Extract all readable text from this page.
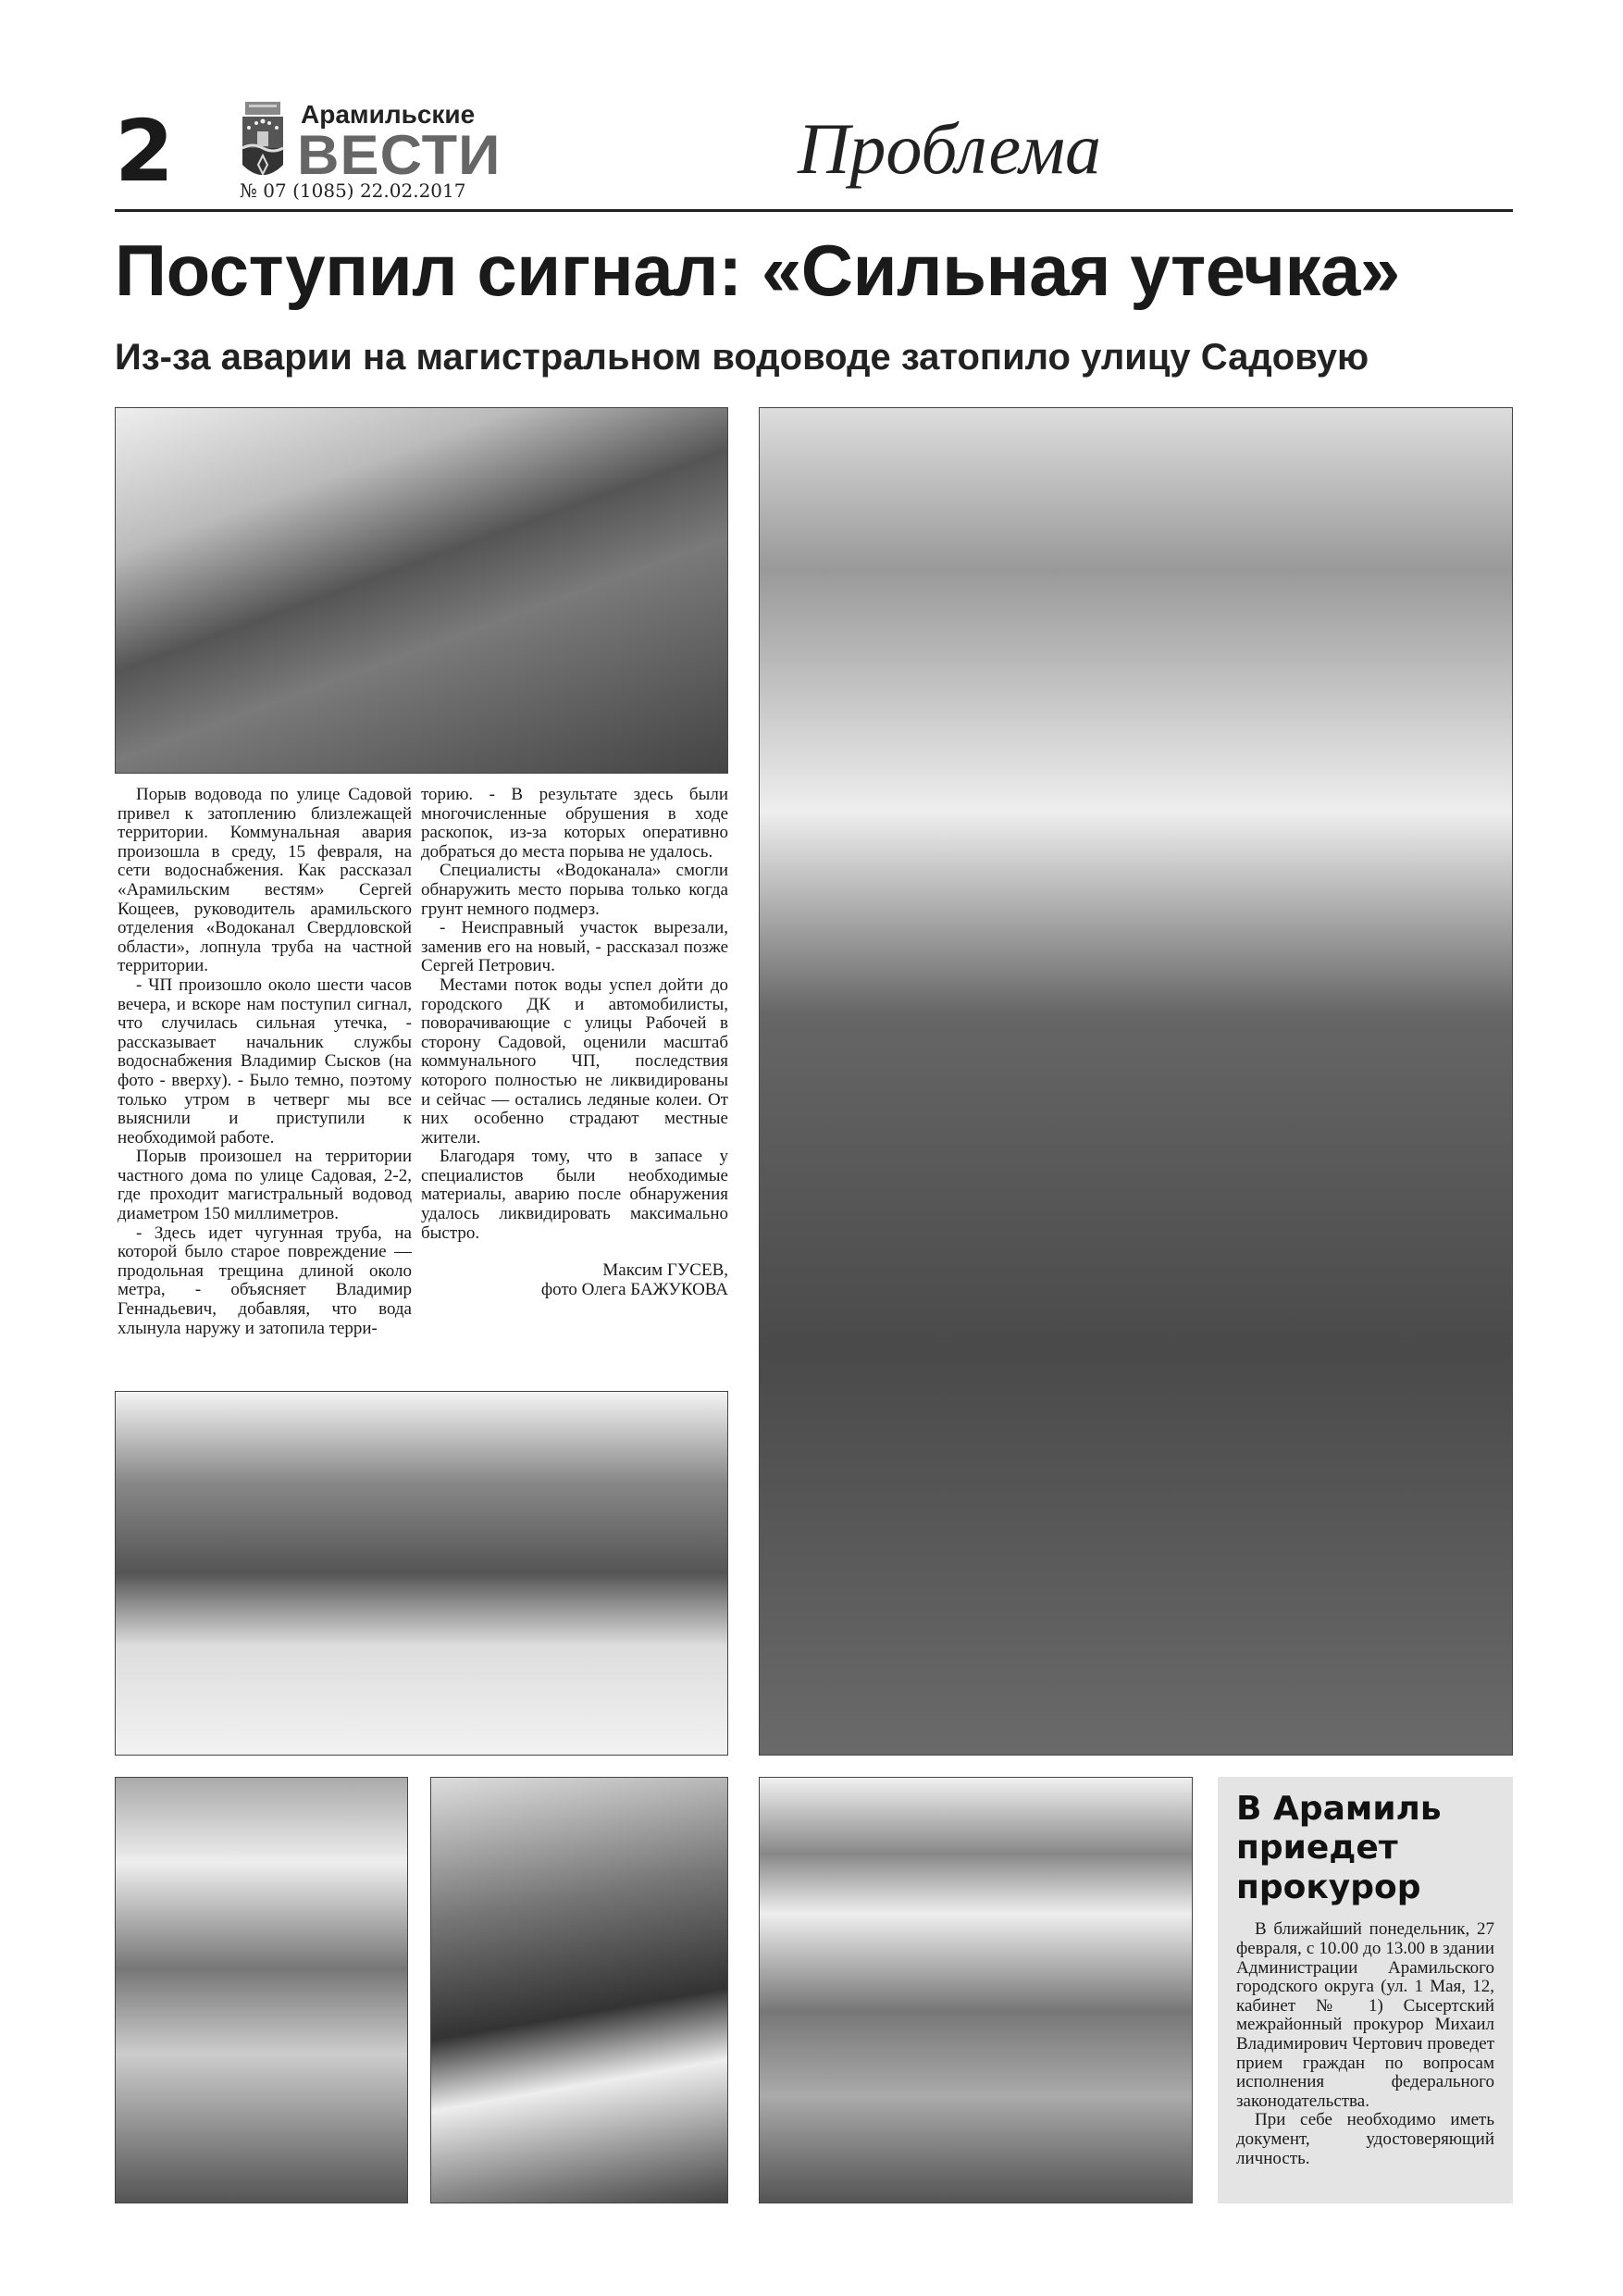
2	Арамильские
ВЕСТИ
№ 07 (1085) 22.02.2017
Проблема
Поступил сигнал: «Сильная утечка»
Из-за аварии на магистральном водоводе затопило улицу Садовую

Порыв водовода по улице Садовой привел к затоплению близлежащей территории. Коммунальная авария произошла в среду, 15 февраля, на сети водоснабжения. Как рассказал «Арамильским вестям» Сергей Кощеев, руководитель арамильского отделения «Водоканал Свердловской области», лопнула труба на частной территории.

- ЧП произошло около шести часов вечера, и вскоре нам поступил сигнал, что случилась сильная утечка, - рассказывает начальник службы водоснабжения Владимир Сысков (на фото - вверху). - Было темно, поэтому только утром в четверг мы все выяснили и приступили к необходимой работе.

Порыв произошел на территории частного дома по улице Садовая, 2-2, где проходит магистральный водовод диаметром 150 миллиметров.

- Здесь идет чугунная труба, на которой было старое повреждение — продольная трещина длиной около метра, - объясняет Владимир Геннадьевич, добавляя, что вода хлынула наружу и затопила терри-

торию. - В результате здесь были многочисленные обрушения в ходе раскопок, из-за которых оперативно добраться до места порыва не удалось.

Специалисты «Водоканала» смогли обнаружить место порыва только когда грунт немного подмерз.

- Неисправный участок вырезали, заменив его на новый, - рассказал позже Сергей Петрович.

Местами поток воды успел дойти до городского ДК и автомобилисты, поворачивающие с улицы Рабочей в сторону Садовой, оценили масштаб коммунального ЧП, последствия которого полностью не ликвидированы и сейчас — остались ледяные колеи. От них особенно страдают местные жители.

Благодаря тому, что в запасе у специалистов были необходимые материалы, аварию после обнаружения удалось ликвидировать максимально быстро.

Максим ГУСЕВ,

фото Олега БАЖУКОВА

В Арамиль приедет прокурор

В ближайший понедельник, 27 февраля, с 10.00 до 13.00 в здании Администрации Арамильского городского округа (ул. 1 Мая, 12, кабинет № 1) Сысертский межрайонный прокурор Михаил Владимирович Чертович проведет прием граждан по вопросам исполнения федерального законодательства.

При себе необходимо иметь документ, удостоверяющий личность.
